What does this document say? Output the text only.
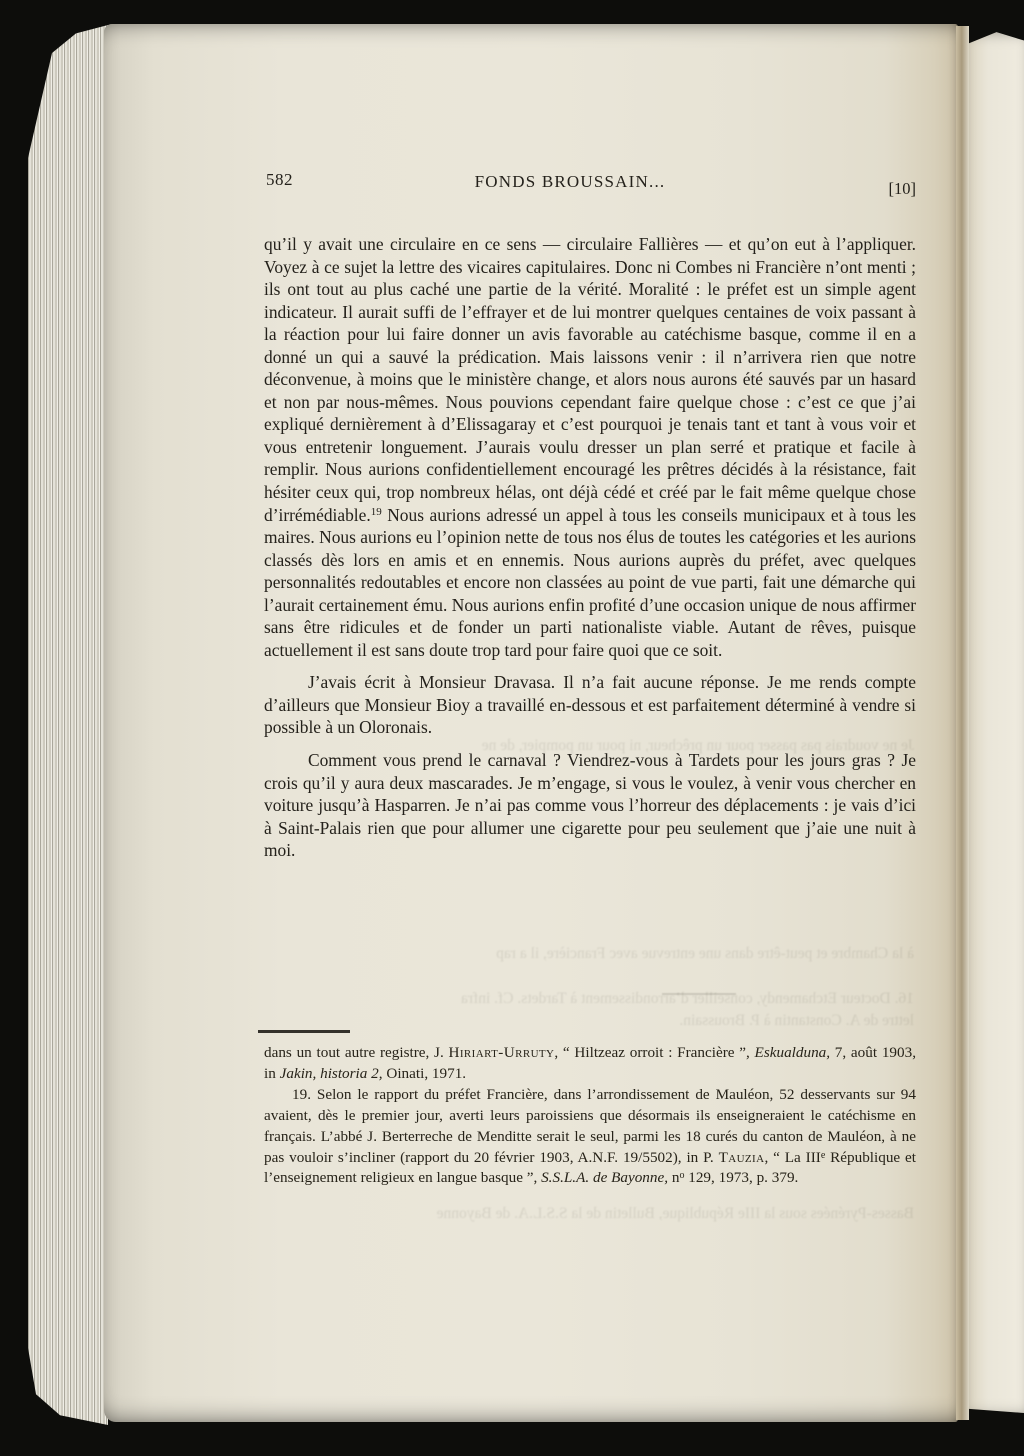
Je ne voudrais pas passer pour un prêcheur, ni pour un pompier, de ne
à la Chambre et peut-être dans une entrevue avec Francière, il a rap
16. Docteur Etchamendy, conseiller d’arrondissement à Tardets. Cf. infra
lettre de A. Constantin à P. Broussain.
Basses-Pyrénées sous la IIIe République, Bulletin de la S.S.L.A. de Bayonne
582	FONDS BROUSSAIN...	[10]

qu’il y avait une circulaire en ce sens — circulaire Fallières — et qu’on eut à l’appliquer. Voyez à ce sujet la lettre des vicaires capitulaires. Donc ni Combes ni Francière n’ont menti ; ils ont tout au plus caché une partie de la vérité. Moralité : le préfet est un simple agent indicateur. Il aurait suffi de l’effrayer et de lui montrer quelques centaines de voix passant à la réaction pour lui faire donner un avis favorable au catéchisme basque, comme il en a donné un qui a sauvé la prédication. Mais laissons venir : il n’arrivera rien que notre déconvenue, à moins que le ministère change, et alors nous aurons été sauvés par un hasard et non par nous-mêmes. Nous pouvions cependant faire quelque chose : c’est ce que j’ai expliqué dernièrement à d’Elissagaray et c’est pourquoi je tenais tant et tant à vous voir et vous entretenir longuement. J’aurais voulu dresser un plan serré et pratique et facile à remplir. Nous aurions confidentiellement encouragé les prêtres décidés à la résistance, fait hésiter ceux qui, trop nombreux hélas, ont déjà cédé et créé par le fait même quelque chose d’irrémédiable.$^{19}$ Nous aurions adressé un appel à tous les conseils municipaux et à tous les maires. Nous aurions eu l’opinion nette de tous nos élus de toutes les catégories et les aurions classés dès lors en amis et en ennemis. Nous aurions auprès du préfet, avec quelques personnalités redoutables et encore non classées au point de vue parti, fait une démarche qui l’aurait certainement ému. Nous aurions enfin profité d’une occasion unique de nous affirmer sans être ridicules et de fonder un parti nationaliste viable. Autant de rêves, puisque actuellement il est sans doute trop tard pour faire quoi que ce soit.

J’avais écrit à Monsieur Dravasa. Il n’a fait aucune réponse. Je me rends compte d’ailleurs que Monsieur Bioy a travaillé en-dessous et est parfaitement déterminé à vendre si possible à un Oloronais.

Comment vous prend le carnaval ? Viendrez-vous à Tardets pour les jours gras ? Je crois qu’il y aura deux mascarades. Je m’engage, si vous le voulez, à venir vous chercher en voiture jusqu’à Hasparren. Je n’ai pas comme vous l’horreur des déplacements : je vais d’ici à Saint-Palais rien que pour allumer une cigarette pour peu seulement que j’aie une nuit à moi.

dans un tout autre registre, J. Hiriart-Urruty, “ Hiltzeaz orroit : Francière ”, Eskualduna, 7, août 1903, in Jakin, historia 2, Oinati, 1971.

19. Selon le rapport du préfet Francière, dans l’arrondissement de Mauléon, 52 desservants sur 94 avaient, dès le premier jour, averti leurs paroissiens que désormais ils enseigneraient le catéchisme en français. L’abbé J. Berterreche de Menditte serait le seul, parmi les 18 curés du canton de Mauléon, à ne pas vouloir s’incliner (rapport du 20 février 1903, A.N.F. 19/5502), in P. Tauzia, “ La IIIe République et l’enseignement religieux en langue basque ”, S.S.L.A. de Bayonne, n$^o$ 129, 1973, p. 379.
